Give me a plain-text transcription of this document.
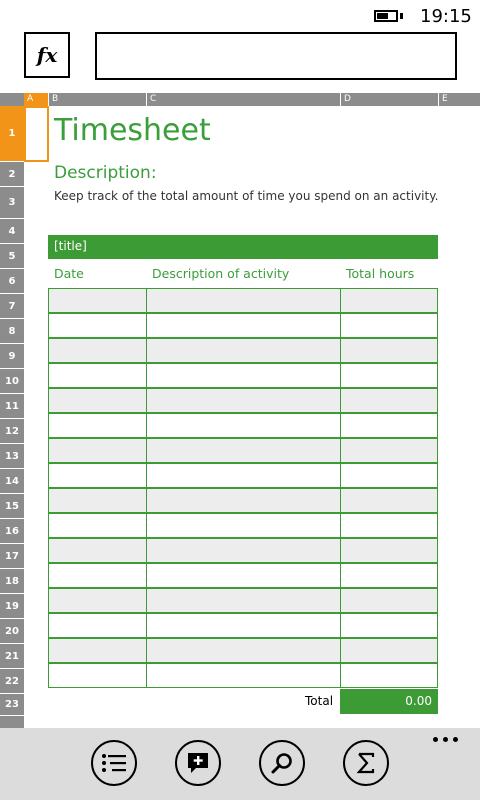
19:15
fx
A	B	C	D	E
1
2
3
4
5
6
7
8
9
10
11
12
13
14
15
16
17
18
19
20
21
22
23
Timesheet
Description:
Keep track of the total amount of time you spend on an activity.
[title]
Date	Description of activity	Total hours
Total	0.00
